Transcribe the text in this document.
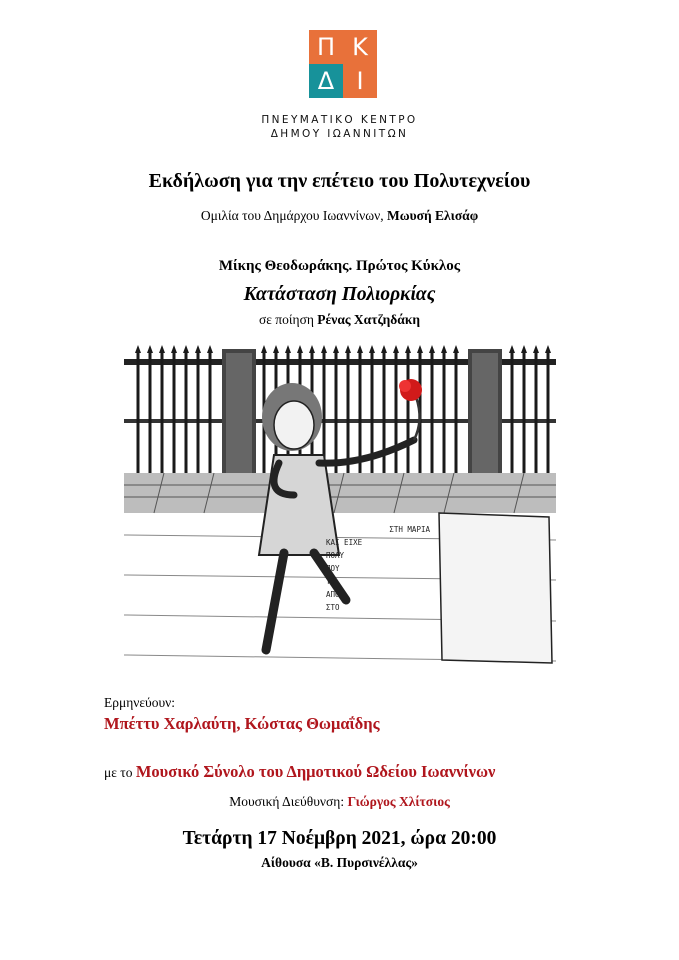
Π Κ
Δ Ι
ΠΝΕΥΜΑΤΙΚΟ ΚΕΝΤΡΟ
ΔΗΜΟΥ ΙΩΑΝΝΙΤΩΝ
Εκδήλωση για την επέτειο του Πολυτεχνείου
Ομιλία του Δημάρχου Ιωαννίνων, Μωυσή Ελισάφ
Μίκης Θεοδωράκης. Πρώτος Κύκλος
Κατάσταση Πολιορκίας
σε ποίηση Ρένας Χατζηδάκη
ΣΤΗ ΜΑΡΙΑ
ΚΑΙ ΕΙΧΕ
ΠΟΛΥ
ΠΟΥ
ΤΟ
ΑΠΟ
ΣΤΟ
Ερμηνεύουν:
Μπέττυ Χαρλαύτη, Κώστας Θωμαΐδης
με το Μουσικό Σύνολο του Δημοτικού Ωδείου Ιωαννίνων
Μουσική Διεύθυνση: Γιώργος Χλίτσιος
Τετάρτη 17 Νοέμβρη 2021, ώρα 20:00
Αίθουσα «Β. Πυρσινέλλας»
